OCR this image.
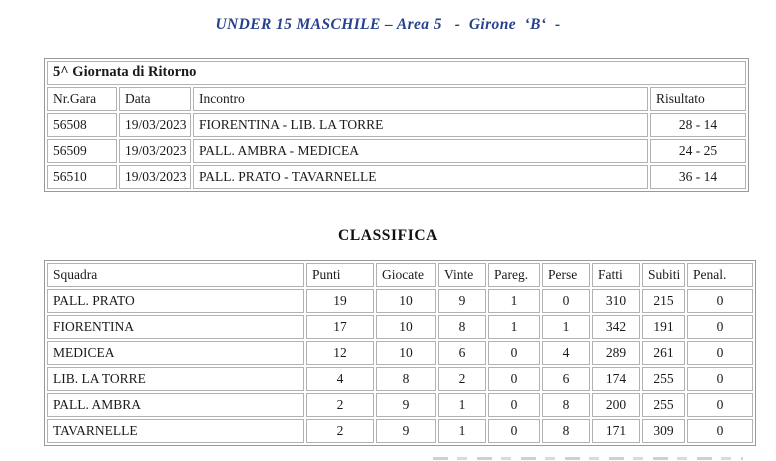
UNDER 15 MASCHILE – Area 5   -  Girone  ‘B‘  -
5^ Giornata di Ritorno			
Nr.Gara	Data	Incontro	Risultato
56508	19/03/2023	FIORENTINA - LIB. LA TORRE	28 - 14
56509	19/03/2023	PALL. AMBRA - MEDICEA	24 - 25
56510	19/03/2023	PALL. PRATO - TAVARNELLE	36 - 14
CLASSIFICA
Squadra	Punti	Giocate	Vinte	Pareg.	Perse	Fatti	Subiti	Penal.
PALL. PRATO	19	10	9	1	0	310	215	0
FIORENTINA	17	10	8	1	1	342	191	0
MEDICEA	12	10	6	0	4	289	261	0
LIB. LA TORRE	4	8	2	0	6	174	255	0
PALL. AMBRA	2	9	1	0	8	200	255	0
TAVARNELLE	2	9	1	0	8	171	309	0
